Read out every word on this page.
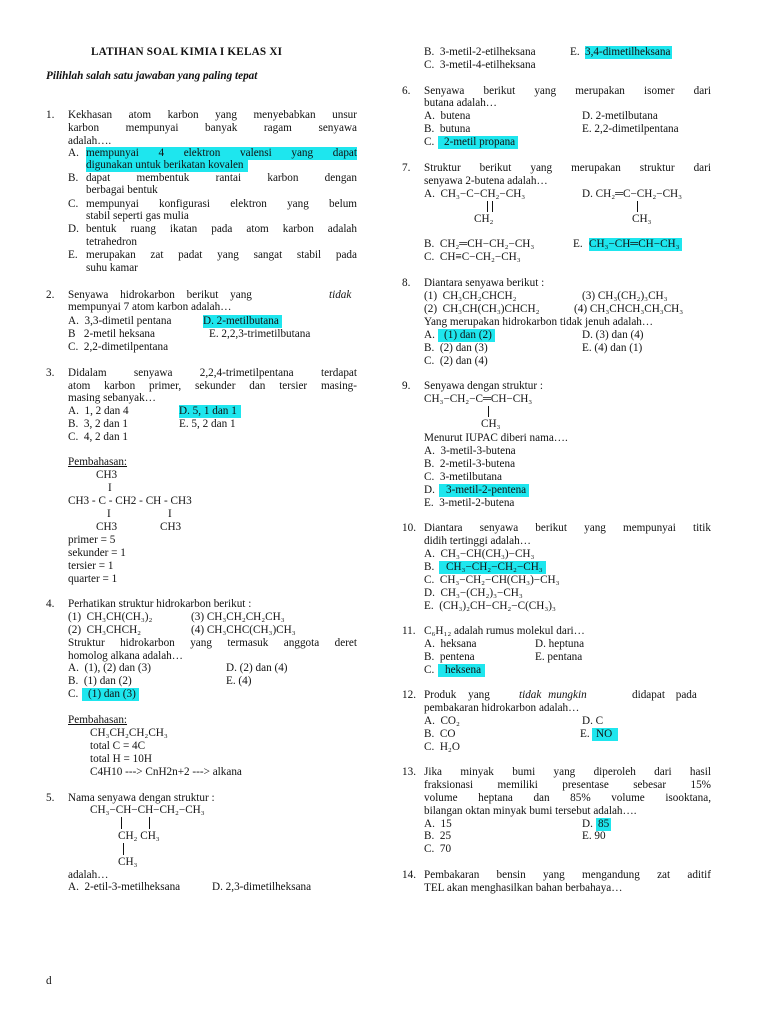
LATIHAN SOAL KIMIA I KELAS XI
Pilihlah salah satu jawaban yang paling tepat
1. Kekhasan atom karbon yang menyebabkan unsur
karbon mempunyai banyak ragam senyawa
adalah….
A. mempunyai 4 elektron valensi yang dapat
digunakan untuk berikatan kovalen
B. dapat membentuk rantai karbon dengan
berbagai bentuk
C. mempunyai konfigurasi elektron yang belum
stabil seperti gas mulia
D. bentuk ruang ikatan pada atom karbon adalah
tetrahedron
E. merupakan zat padat yang sangat stabil pada
suhu kamar
2. Senyawa hidrokarbon berikut yang	tidak
mempunyai 7 atom karbon adalah…
A.  3,3-dimetil pentana	D. 2-metilbutana
B   2-metil heksana	E. 2,2,3-trimetilbutana
C.  2,2-dimetilpentana
3. Didalam senyawa 2,2,4-trimetilpentana terdapat
atom karbon primer, sekunder dan tersier masing-
masing sebanyak…
A.  1, 2 dan 4	D. 5, 1 dan 1
B.  3, 2 dan 1	E. 5, 2 dan 1
C.  4, 2 dan 1
Pembahasan:
CH3
I
CH3 - C - CH2 - CH - CH3
I	I
CH3	CH3
primer = 5
sekunder = 1
tersier = 1
quarter = 1
4. Perhatikan struktur hidrokarbon berikut :
(1)  CH₃CH(CH₃)₂	(3) CH₃CH₂CH₂CH₃
(2)  CH₃CHCH₂	(4) CH₃CHC(CH₃)CH₃
Struktur hidrokarbon yang termasuk anggota deret
homolog alkana adalah…
A.  (1), (2) dan (3)	D. (2) dan (4)
B.  (1) dan (2)	E. (4)
C. (1) dan (3)
Pembahasan:
CH₃CH₂CH₂CH₃
total C = 4C
total H = 10H
C4H10 ---> CnH2n+2 ---> alkana
5. Nama senyawa dengan struktur :
CH₃−CH−CH−CH₂−CH₃
CH₂ CH₃
CH₃
adalah…
A.  2-etil-3-metilheksana	D. 2,3-dimetilheksana
B.  3-metil-2-etilheksana	E. 3,4-dimetilheksana
C.  3-metil-4-etilheksana
6. Senyawa berikut yang merupakan isomer dari
butana adalah…
A.  butena	D. 2-metilbutana
B.  butuna	E. 2,2-dimetilpentana
C. 2-metil propana
7. Struktur berikut yang merupakan struktur dari
senyawa 2-butena adalah…
A.  CH₃−C−CH₂−CH₃
CH₂
D. CH₂═C−CH₂−CH₃
CH₃
B.  CH₂═CH−CH₂−CH₃	E. CH₃−CH═CH−CH₃
C.  CH≡C−CH₂−CH₃
8. Diantara senyawa berikut :
(1)  CH₃CH₂CHCH₂	(3) CH₃(CH₂)₃CH₃
(2)  CH₃CH(CH₃)CHCH₂	(4) CH₃CHCH₃CH₃CH₃
Yang merupakan hidrokarbon tidak jenuh adalah…
A. (1) dan (2)	D. (3) dan (4)
B.  (2) dan (3)	E. (4) dan (1)
C.  (2) dan (4)
9. Senyawa dengan struktur :
CH₃−CH₂−C═CH−CH₃
CH₃
Menurut IUPAC diberi nama….
A.  3-metil-3-butena
B.  2-metil-3-butena
C.  3-metilbutana
D. 3-metil-2-pentena
E.  3-metil-2-butena
10. Diantara senyawa berikut yang mempunyai titik
didih tertinggi adalah…
A.  CH₃−CH(CH₃)−CH₃
B.	CH₃−CH₂−CH₂−CH₃
C.  CH₃−CH₂−CH(CH₃)−CH₃
D.  CH₃−(CH₂)₃−CH₃
E.  (CH₃)₂CH−CH₂−C(CH₃)₃
11. C₆H₁₂ adalah rumus molekul dari…
A.  heksana	D. heptuna
B.  pentena	E. pentana
C. heksena
12. Produk yang	tidak mungkin	didapat pada
pembakaran hidrokarbon adalah…
A.  CO₂	D. C
B.  CO	E. NO
C.  H₂O
13. Jika minyak bumi yang diperoleh dari hasil
fraksionasi memiliki presentase sebesar 15%
volume heptana dan 85% volume isooktana,
bilangan oktan minyak bumi tersebut adalah….
A.  15	D. 85
B.  25	E. 90
C.  70
14. Pembakaran bensin yang mengandung zat aditif
TEL akan menghasilkan bahan berbahaya…
d
